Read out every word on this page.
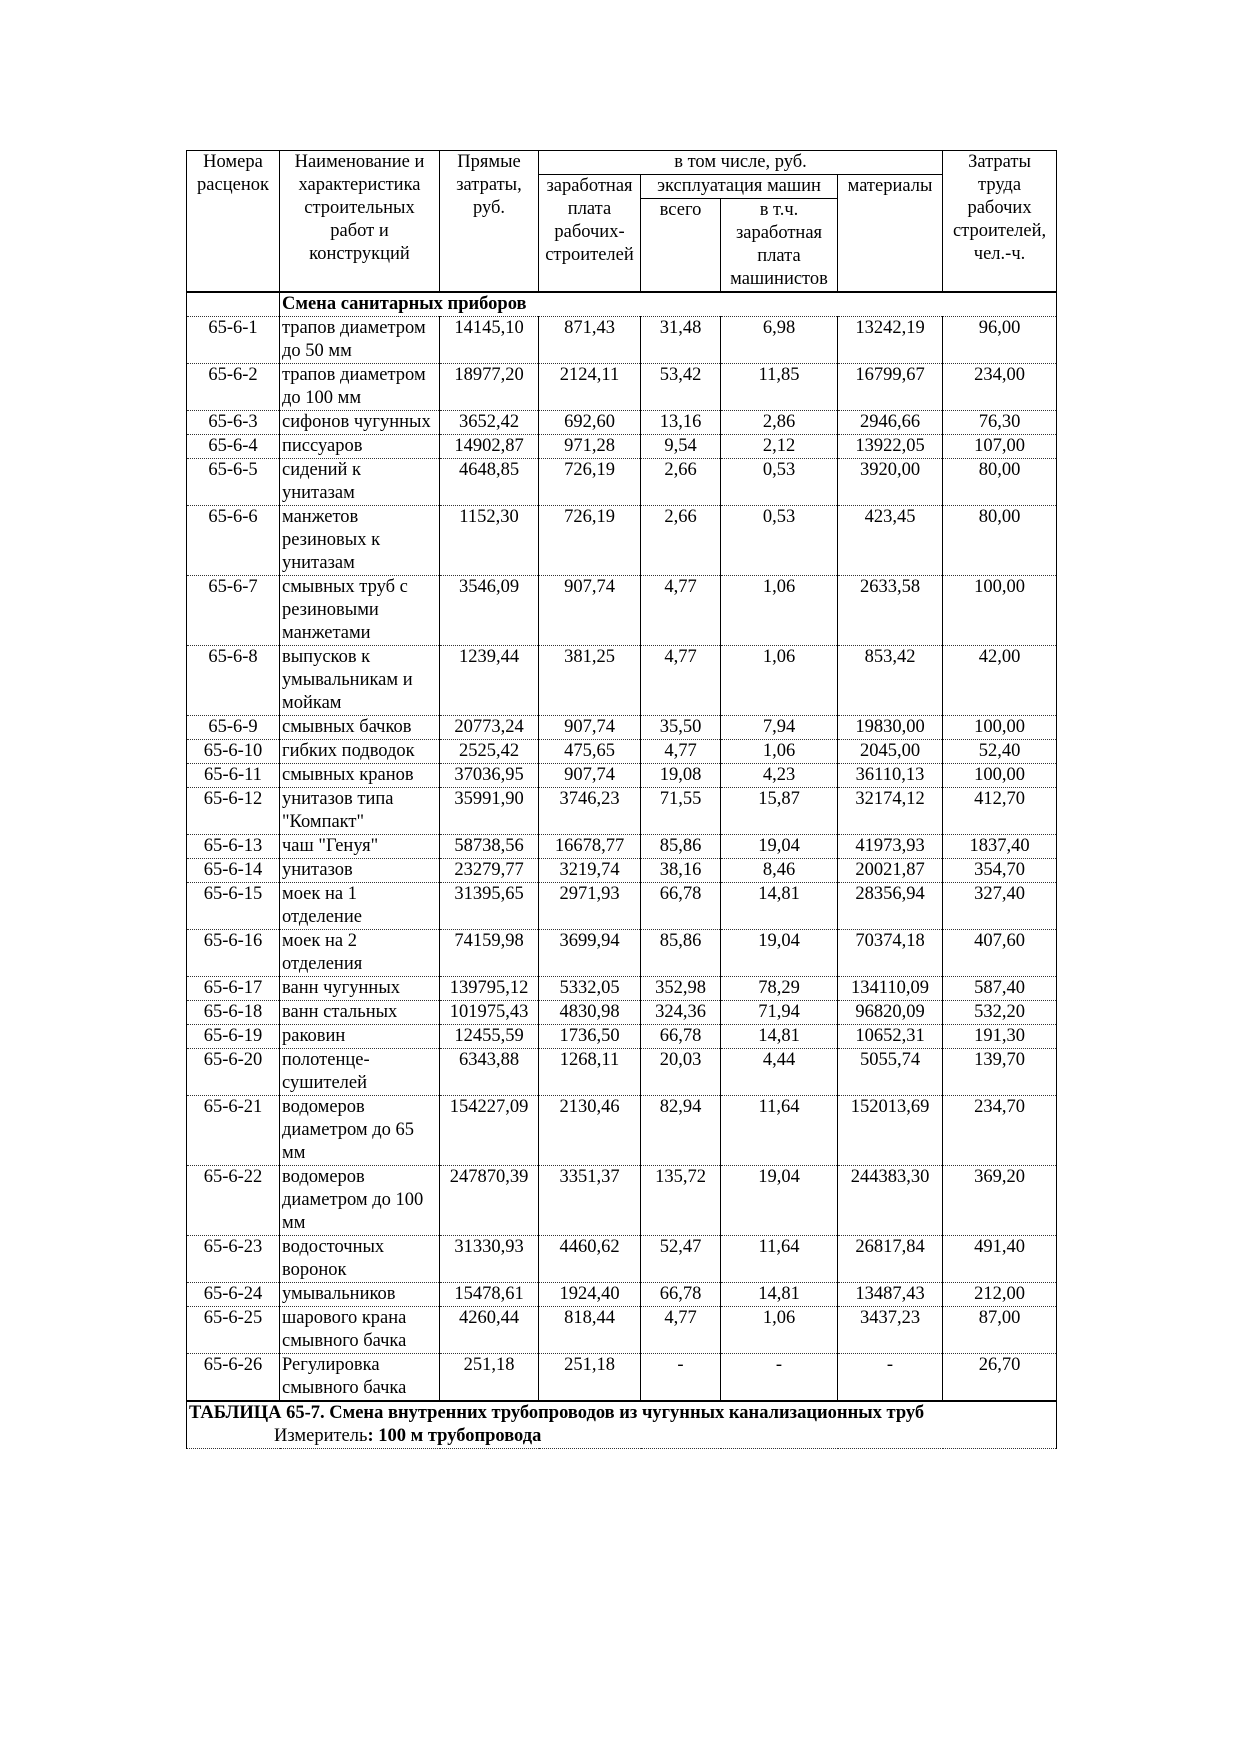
Номера расценок	Наименование и характеристика строительных работ и конструкций	Прямые затраты, руб.	в том числе, руб.				Затраты труда рабочих строителей, чел.-ч.
			заработная плата рабочих-строителей	эксплуатация машин		материалы	
				всего	в т.ч. заработная плата машинистов		
	Смена санитарных приборов						
65-6-1	трапов диаметром до 50 мм	14145,10	871,43	31,48	6,98	13242,19	96,00
65-6-2	трапов диаметром до 100 мм	18977,20	2124,11	53,42	11,85	16799,67	234,00
65-6-3	сифонов чугунных	3652,42	692,60	13,16	2,86	2946,66	76,30
65-6-4	писсуаров	14902,87	971,28	9,54	2,12	13922,05	107,00
65-6-5	сидений к унитазам	4648,85	726,19	2,66	0,53	3920,00	80,00
65-6-6	манжетов резиновых к унитазам	1152,30	726,19	2,66	0,53	423,45	80,00
65-6-7	смывных труб с резиновыми манжетами	3546,09	907,74	4,77	1,06	2633,58	100,00
65-6-8	выпусков к умывальникам и мойкам	1239,44	381,25	4,77	1,06	853,42	42,00
65-6-9	смывных бачков	20773,24	907,74	35,50	7,94	19830,00	100,00
65-6-10	гибких подводок	2525,42	475,65	4,77	1,06	2045,00	52,40
65-6-11	смывных кранов	37036,95	907,74	19,08	4,23	36110,13	100,00
65-6-12	унитазов типа "Компакт"	35991,90	3746,23	71,55	15,87	32174,12	412,70
65-6-13	чаш "Генуя"	58738,56	16678,77	85,86	19,04	41973,93	1837,40
65-6-14	унитазов	23279,77	3219,74	38,16	8,46	20021,87	354,70
65-6-15	моек на 1 отделение	31395,65	2971,93	66,78	14,81	28356,94	327,40
65-6-16	моек на 2 отделения	74159,98	3699,94	85,86	19,04	70374,18	407,60
65-6-17	ванн чугунных	139795,12	5332,05	352,98	78,29	134110,09	587,40
65-6-18	ванн стальных	101975,43	4830,98	324,36	71,94	96820,09	532,20
65-6-19	раковин	12455,59	1736,50	66,78	14,81	10652,31	191,30
65-6-20	полотенце-сушителей	6343,88	1268,11	20,03	4,44	5055,74	139,70
65-6-21	водомеров диаметром до 65 мм	154227,09	2130,46	82,94	11,64	152013,69	234,70
65-6-22	водомеров диаметром до 100 мм	247870,39	3351,37	135,72	19,04	244383,30	369,20
65-6-23	водосточных воронок	31330,93	4460,62	52,47	11,64	26817,84	491,40
65-6-24	умывальников	15478,61	1924,40	66,78	14,81	13487,43	212,00
65-6-25	шарового крана смывного бачка	4260,44	818,44	4,77	1,06	3437,23	87,00
65-6-26	Регулировка смывного бачка	251,18	251,18	-	-	-	26,70
ТАБЛИЦА 65-7. Смена внутренних трубопроводов из чугунных канализационных труб							
Измеритель: 100 м трубопровода							
